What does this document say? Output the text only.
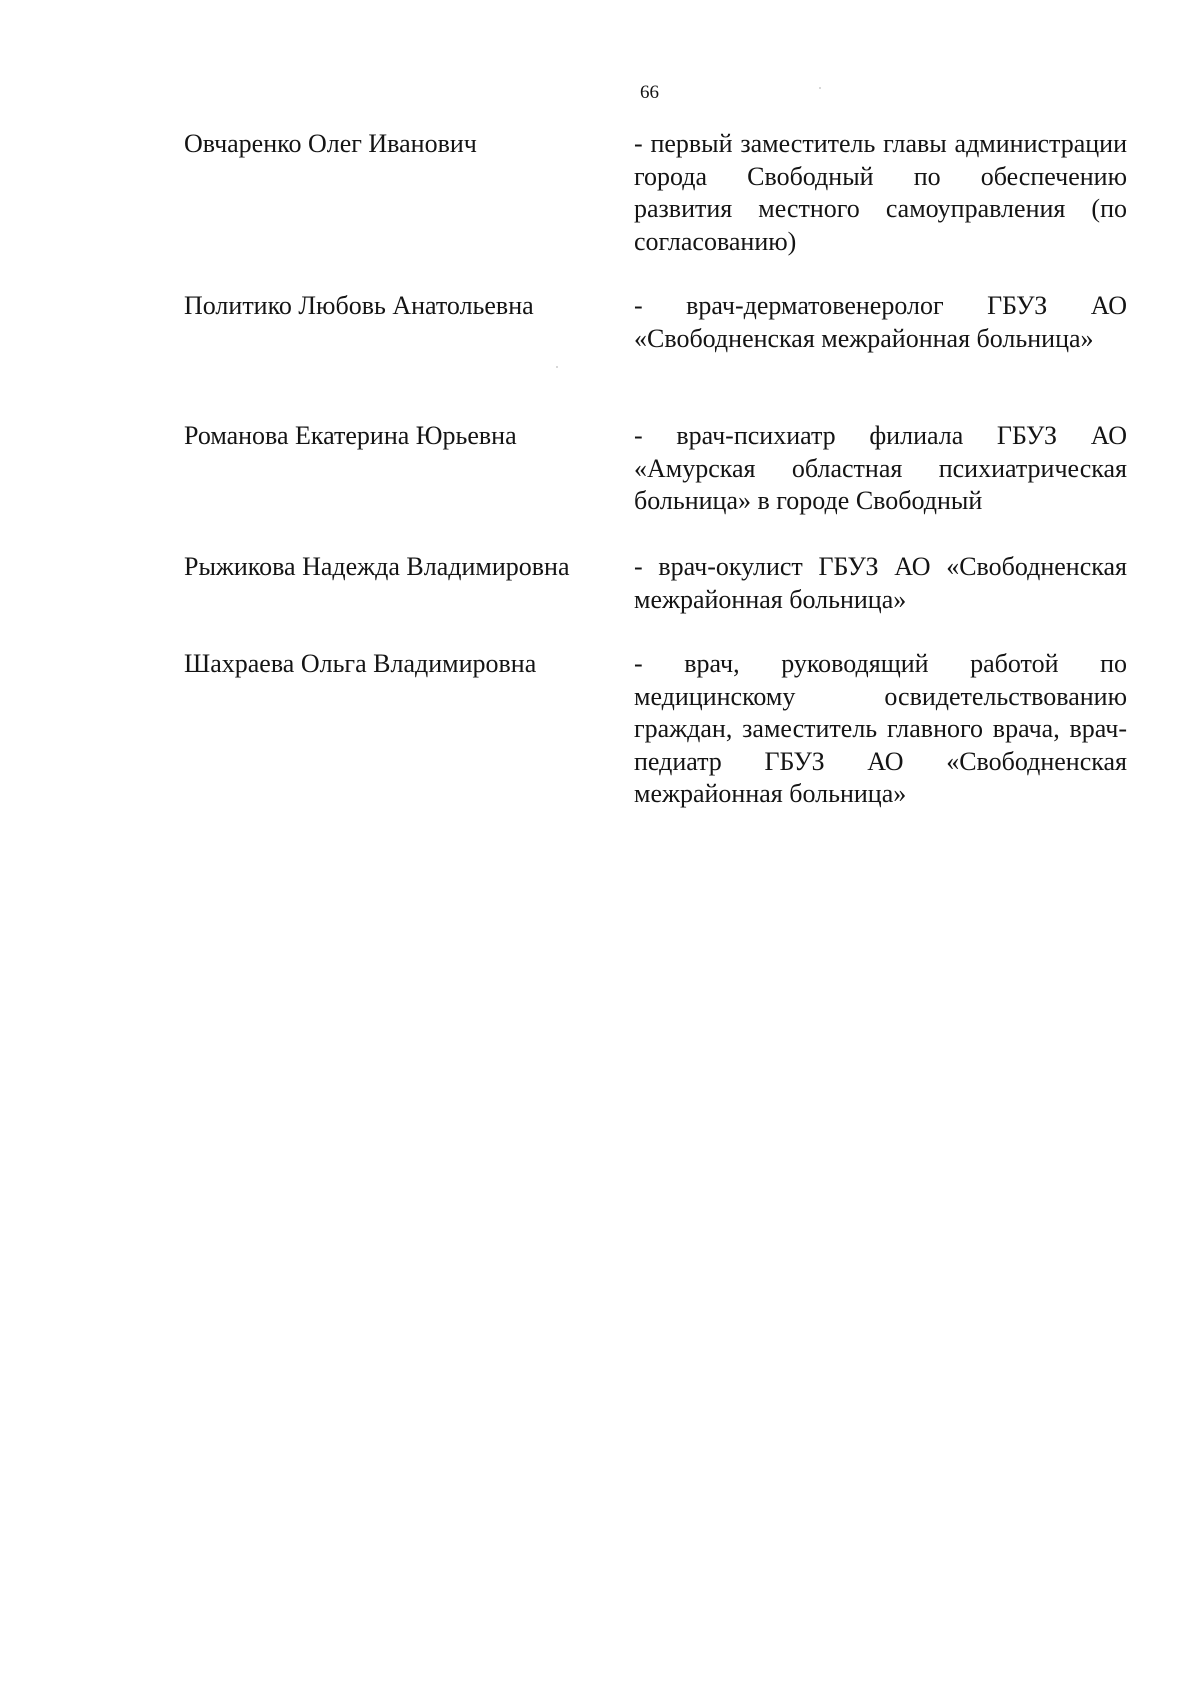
66
Овчаренко Олег Иванович	- первый заместитель главы администрации города Свободный по обеспечению развития местного самоуправления (по согласованию)
Политико Любовь Анатольевна	- врач-дерматовенеролог ГБУЗ АО «Свободненская межрайонная больница»
Романова Екатерина Юрьевна	- врач-психиатр филиала ГБУЗ АО «Амурская областная психиатрическая больница» в городе Свободный
Рыжикова Надежда Владимировна - врач-окулист ГБУЗ АО «Свободненская межрайонная больница»
Шахраева Ольга Владимировна	- врач, руководящий работой по медицинскому освидетельствованию граждан, заместитель главного врача, врач-педиатр ГБУЗ АО «Свободненская межрайонная больница»
